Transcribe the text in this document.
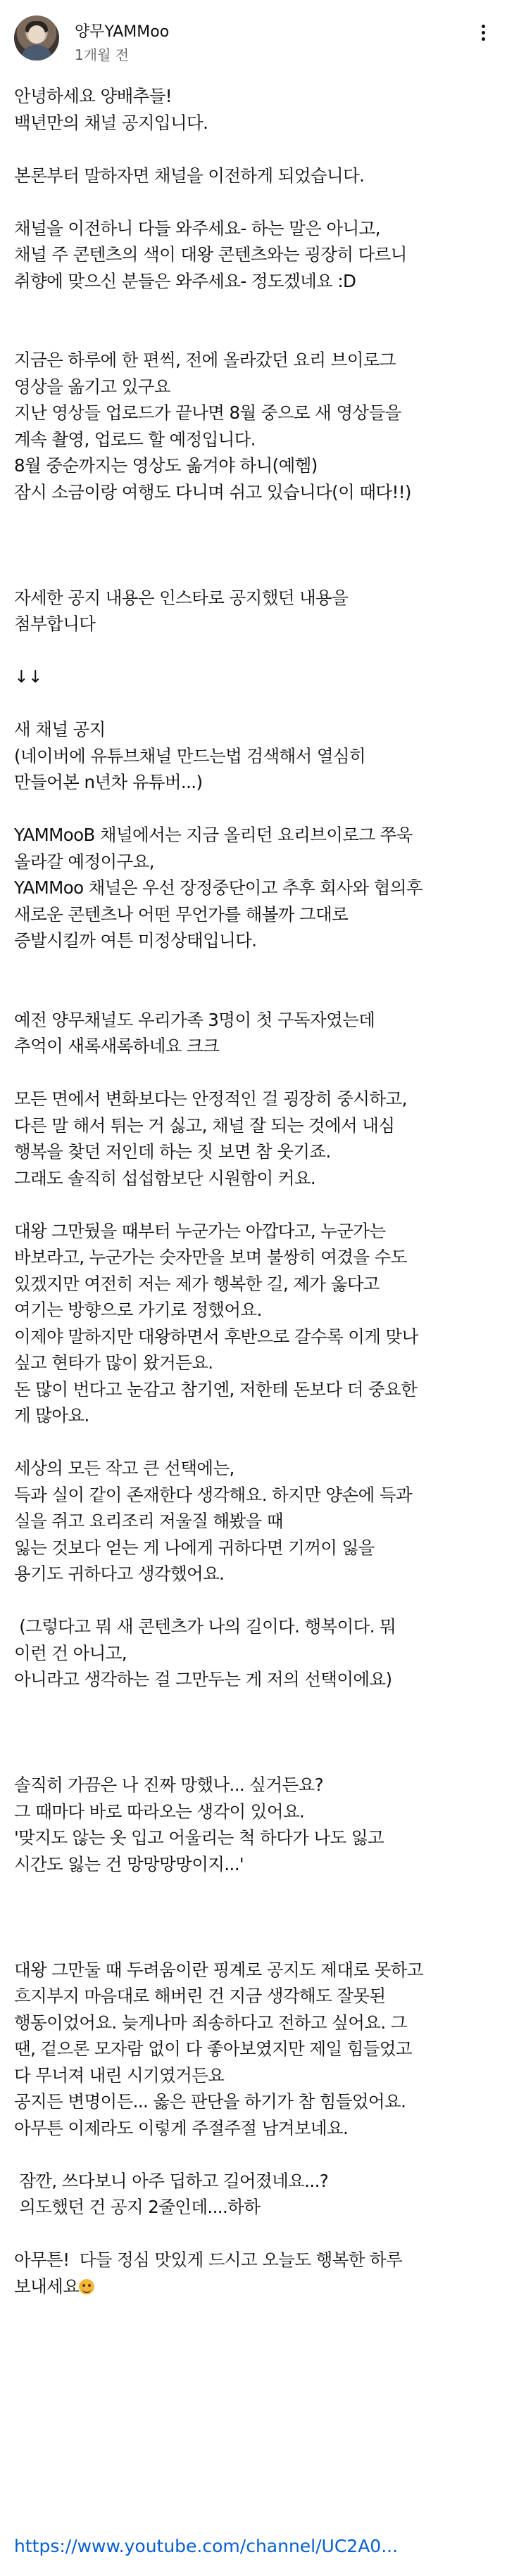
양무YAMMoo
1개월 전
안녕하세요 양배추들!
백년만의 채널 공지입니다.
본론부터 말하자면 채널을 이전하게 되었습니다.
채널을 이전하니 다들 와주세요- 하는 말은 아니고,
채널 주 콘텐츠의 색이 대왕 콘텐츠와는 굉장히 다르니
취향에 맞으신 분들은 와주세요- 정도겠네요 :D
지금은 하루에 한 편씩, 전에 올라갔던 요리 브이로그
영상을 옮기고 있구요
지난 영상들 업로드가 끝나면 8월 중으로 새 영상들을
계속 촬영, 업로드 할 예정입니다.
8월 중순까지는 영상도 옮겨야 하니(예헴)
잠시 소금이랑 여행도 다니며 쉬고 있습니다(이 때다!!)
자세한 공지 내용은 인스타로 공지했던 내용을
첨부합니다
↓↓
새 채널 공지
(네이버에 유튜브채널 만드는법 검색해서 열심히
만들어본 n년차 유튜버...)
YAMMooB 채널에서는 지금 올리던 요리브이로그 쭈욱
올라갈 예정이구요,
YAMMoo 채널은 우선 장정중단이고 추후 회사와 협의후
새로운 콘텐츠나 어떤 무언가를 해볼까 그대로
증발시킬까 여튼 미정상태입니다.
예전 양무채널도 우리가족 3명이 첫 구독자였는데
추억이 새록새록하네요 크크
모든 면에서 변화보다는 안정적인 걸 굉장히 중시하고,
다른 말 해서 튀는 거 싫고, 채널 잘 되는 것에서 내심
행복을 찾던 저인데 하는 짓 보면 참 웃기죠.
그래도 솔직히 섭섭함보단 시원함이 커요.
대왕 그만뒀을 때부터 누군가는 아깝다고, 누군가는
바보라고, 누군가는 숫자만을 보며 불쌍히 여겼을 수도
있겠지만 여전히 저는 제가 행복한 길, 제가 옳다고
여기는 방향으로 가기로 정했어요.
이제야 말하지만 대왕하면서 후반으로 갈수록 이게 맞나
싶고 현타가 많이 왔거든요.
돈 많이 번다고 눈감고 참기엔, 저한테 돈보다 더 중요한
게 많아요.
세상의 모든 작고 큰 선택에는,
득과 실이 같이 존재한다 생각해요. 하지만 양손에 득과
실을 쥐고 요리조리 저울질 해봤을 때
잃는 것보다 얻는 게 나에게 귀하다면 기꺼이 잃을
용기도 귀하다고 생각했어요.
(그렇다고 뭐 새 콘텐츠가 나의 길이다. 행복이다. 뭐
이런 건 아니고,
아니라고 생각하는 걸 그만두는 게 저의 선택이에요)
솔직히 가끔은 나 진짜 망했나... 싶거든요?
그 때마다 바로 따라오는 생각이 있어요.
'맞지도 않는 옷 입고 어울리는 척 하다가 나도 잃고
시간도 잃는 건 망망망망이지...'
대왕 그만둘 때 두려움이란 핑계로 공지도 제대로 못하고
흐지부지 마음대로 해버린 건 지금 생각해도 잘못된
행동이었어요. 늦게나마 죄송하다고 전하고 싶어요. 그
땐, 겉으론 모자람 없이 다 좋아보였지만 제일 힘들었고
다 무너져 내린 시기였거든요
공지든 변명이든... 옳은 판단을 하기가 참 힘들었어요.
아무튼 이제라도 이렇게 주절주절 남겨보네요.
잠깐, 쓰다보니 아주 딥하고 길어졌네요...?
의도했던 건 공지 2줄인데....하하
아무튼!  다들 정심 맛있게 드시고 오늘도 행복한 하루
보내세요
https://www.youtube.com/channel/UC2A0...
